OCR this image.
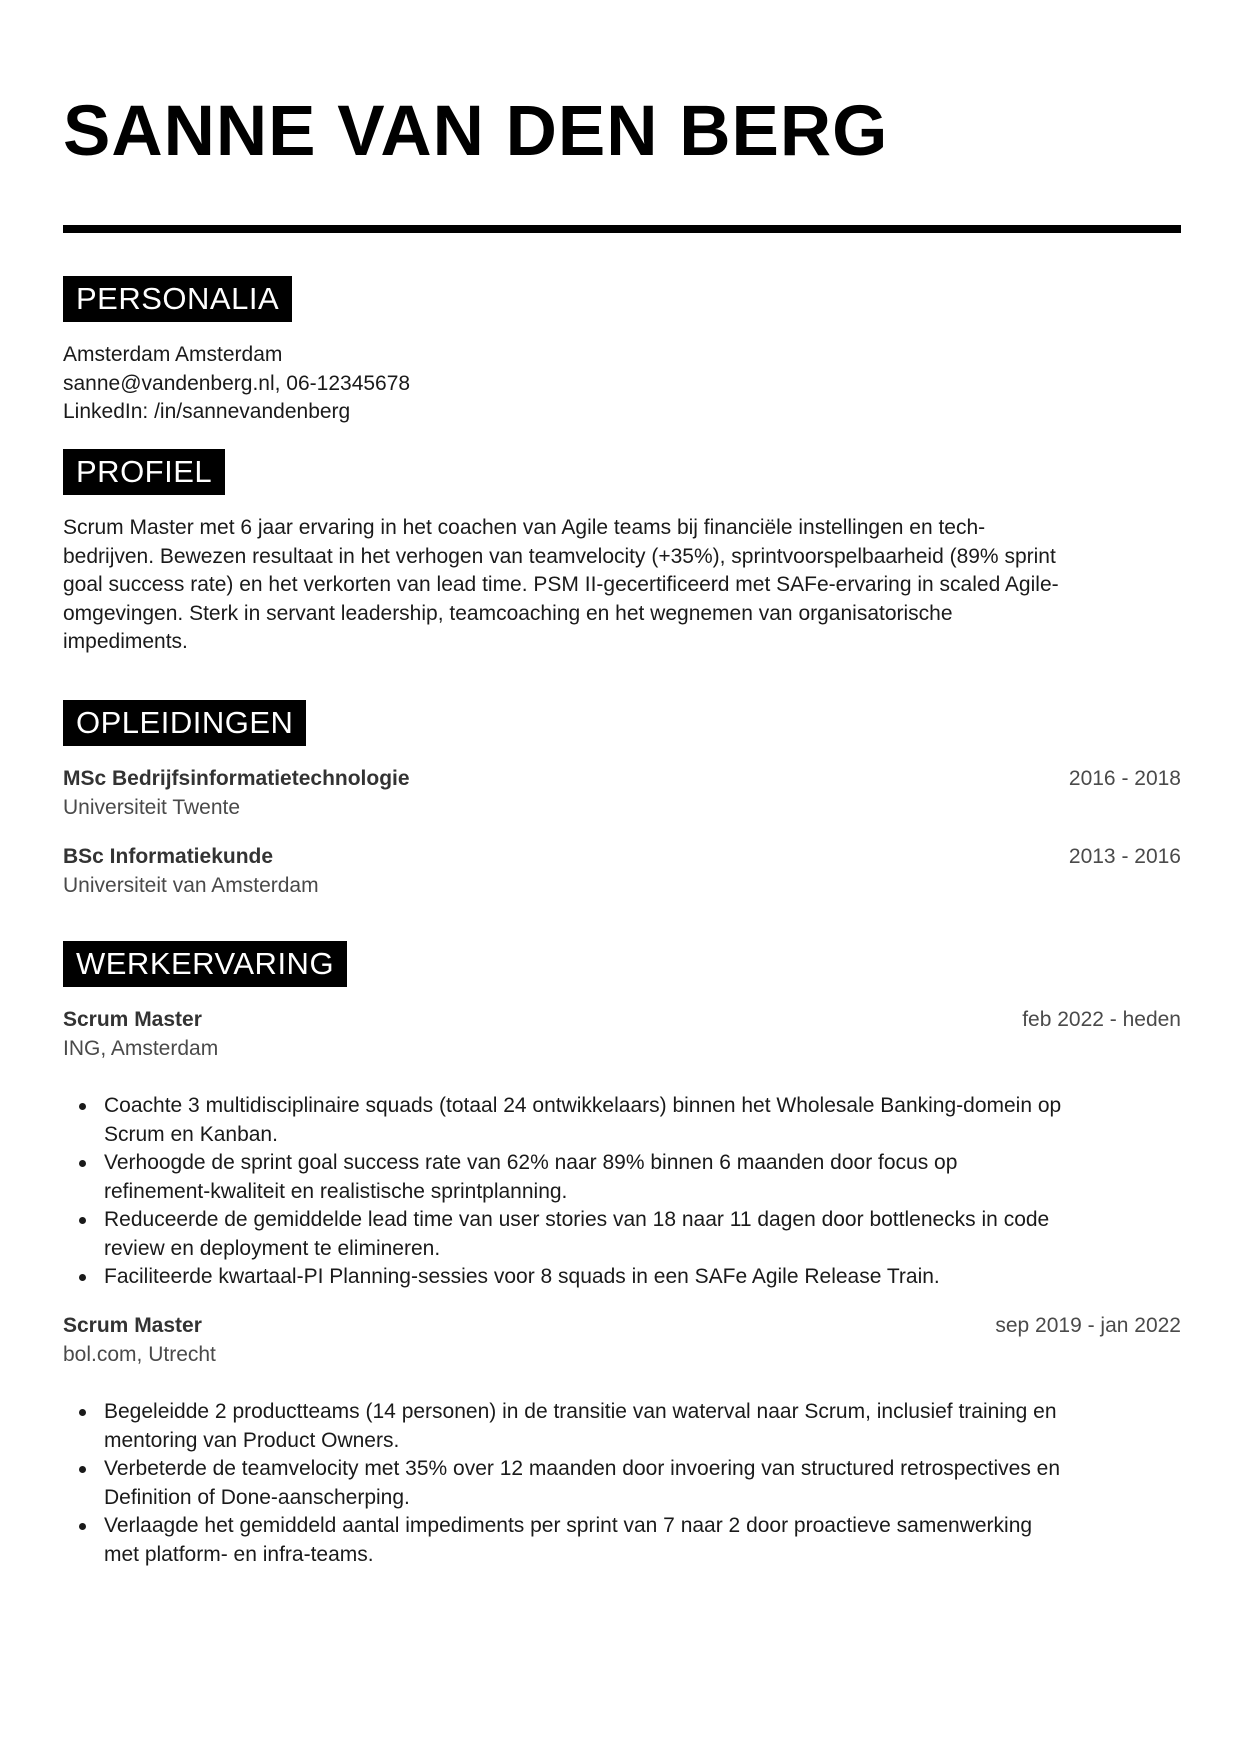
SANNE VAN DEN BERG
PERSONALIA
Amsterdam Amsterdam
sanne@vandenberg.nl, 06-12345678
LinkedIn: /in/sannevandenberg
PROFIEL
Scrum Master met 6 jaar ervaring in het coachen van Agile teams bij financiële instellingen en tech-
bedrijven. Bewezen resultaat in het verhogen van teamvelocity (+35%), sprintvoorspelbaarheid (89% sprint
goal success rate) en het verkorten van lead time. PSM II-gecertificeerd met SAFe-ervaring in scaled Agile-
omgevingen. Sterk in servant leadership, teamcoaching en het wegnemen van organisatorische
impediments.
OPLEIDINGEN
MSc Bedrijfsinformatietechnologie
Universiteit Twente
2016 - 2018
BSc Informatiekunde
Universiteit van Amsterdam
2013 - 2016
WERKERVARING
Scrum Master
ING, Amsterdam
feb 2022 - heden
Coachte 3 multidisciplinaire squads (totaal 24 ontwikkelaars) binnen het Wholesale Banking-domein op
Scrum en Kanban.
Verhoogde de sprint goal success rate van 62% naar 89% binnen 6 maanden door focus op
refinement-kwaliteit en realistische sprintplanning.
Reduceerde de gemiddelde lead time van user stories van 18 naar 11 dagen door bottlenecks in code
review en deployment te elimineren.
Faciliteerde kwartaal-PI Planning-sessies voor 8 squads in een SAFe Agile Release Train.
Scrum Master
bol.com, Utrecht
sep 2019 - jan 2022
Begeleidde 2 productteams (14 personen) in de transitie van waterval naar Scrum, inclusief training en
mentoring van Product Owners.
Verbeterde de teamvelocity met 35% over 12 maanden door invoering van structured retrospectives en
Definition of Done-aanscherping.
Verlaagde het gemiddeld aantal impediments per sprint van 7 naar 2 door proactieve samenwerking
met platform- en infra-teams.
